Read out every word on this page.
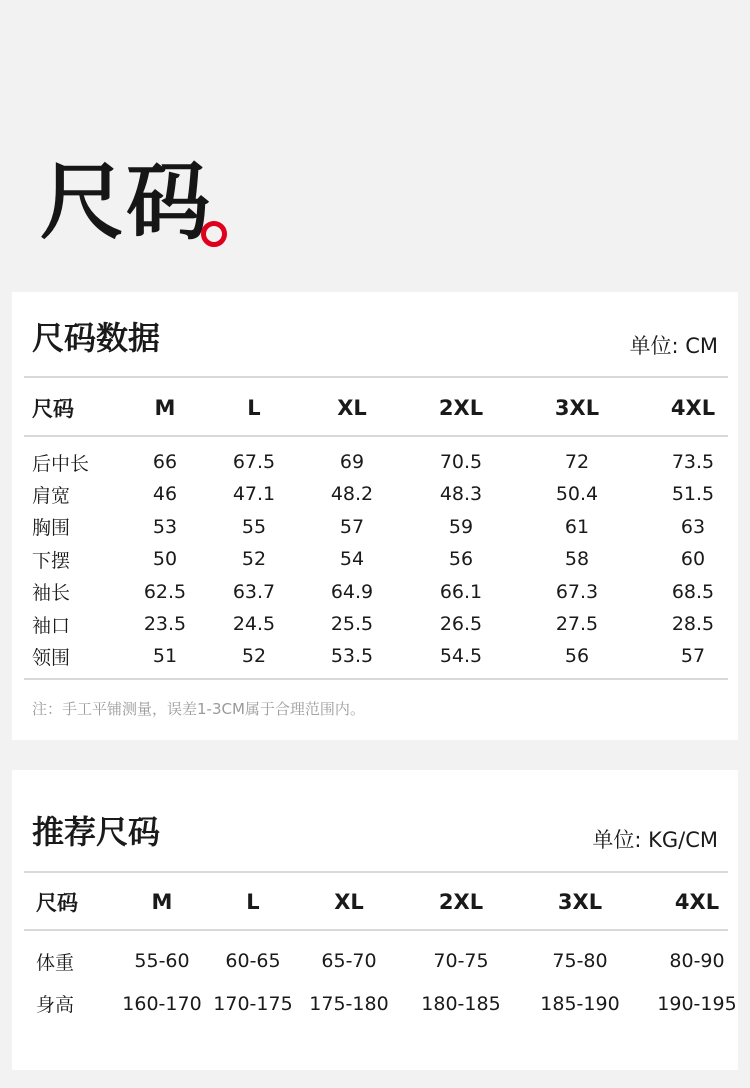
尺码
尺码数据	单位: CM
尺码	M	L	XL	2XL	3XL	4XL
后中长	66	67.5	69	70.5	72	73.5
肩宽	46	47.1	48.2	48.3	50.4	51.5
胸围	53	55	57	59	61	63
下摆	50	52	54	56	58	60
袖长	62.5	63.7	64.9	66.1	67.3	68.5
袖口	23.5	24.5	25.5	26.5	27.5	28.5
领围	51	52	53.5	54.5	56	57
注：手工平铺测量，误差1-3CM属于合理范围内。
推荐尺码	单位: KG/CM
尺码	M	L	XL	2XL	3XL	4XL
体重	55-60	60-65	65-70	70-75	75-80	80-90
身高	160-170 170-175 175-180	180-185	185-190	190-195
